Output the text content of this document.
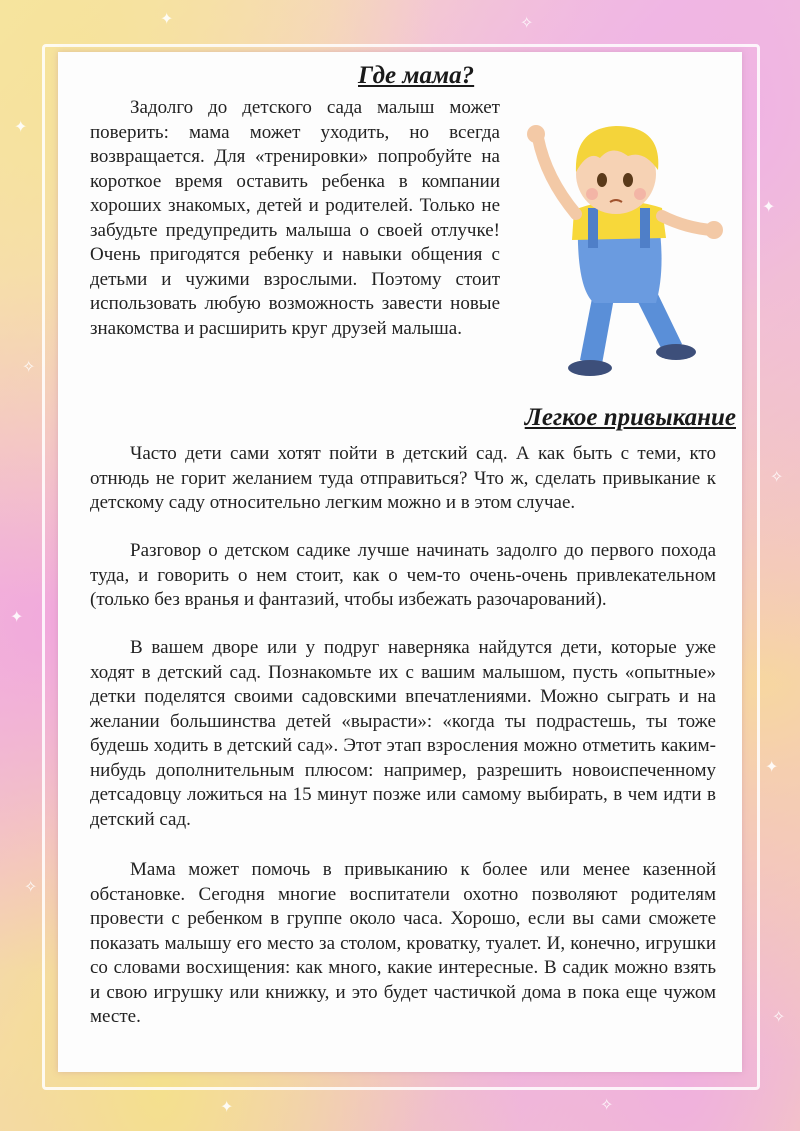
✦
✧
✦
✧
✦
✧
✦
✧
✦	✧
✦	✧
Где мама?

Задолго до детского сада малыш может поверить: мама может уходить, но всегда возвращается. Для «тренировки» попробуйте на короткое время оставить ребенка в компании хороших знакомых, детей и родителей. Только не забудьте предупредить малыша о своей отлучке! Очень пригодятся ребенку и навыки общения с детьми и чужими взрослыми. Поэтому стоит использовать любую возможность завести новые знакомства и расширить круг друзей малыша.

Легкое привыкание

Часто дети сами хотят пойти в детский сад. А как быть с теми, кто отнюдь не горит желанием туда отправиться? Что ж, сделать привыкание к детскому саду относительно легким можно и в этом случае.

Разговор о детском садике лучше начинать задолго до первого похода туда, и говорить о нем стоит, как о чем-то очень-очень привлекательном (только без вранья и фантазий, чтобы избежать разочарований).

В вашем дворе или у подруг наверняка найдутся дети, которые уже ходят в детский сад. Познакомьте их с вашим малышом, пусть «опытные» детки поделятся своими садовскими впечатлениями. Можно сыграть и на желании большинства детей «вырасти»: «когда ты подрастешь, ты тоже будешь ходить в детский сад». Этот этап взросления можно отметить каким-нибудь дополнительным плюсом: например, разрешить новоиспеченному детсадовцу ложиться на 15 минут позже или самому выбирать, в чем идти в детский сад.

Мама может помочь в привыканию к более или менее казенной обстановке. Сегодня многие воспитатели охотно позволяют родителям провести с ребенком в группе около часа. Хорошо, если вы сами сможете показать малышу его место за столом, кроватку, туалет. И, конечно, игрушки со словами восхищения: как много, какие интересные. В садик можно взять и свою игрушку или книжку, и это будет частичкой дома в пока еще чужом месте.
